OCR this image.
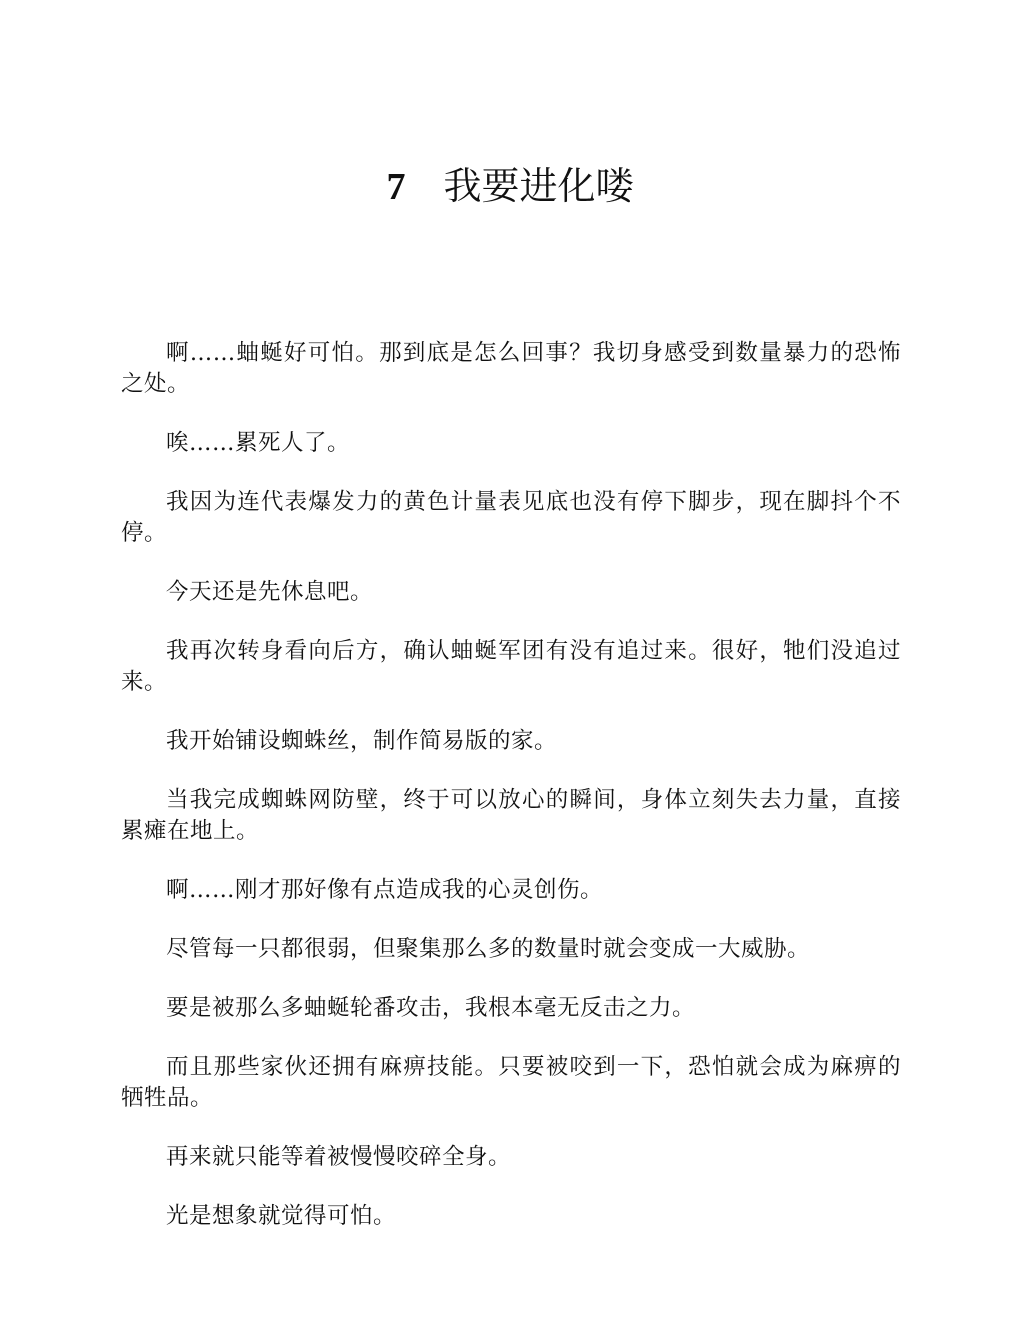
7 我要进化喽

啊……蚰蜒好可怕。那到底是怎么回事？我切身感受到数量暴力的恐怖之处。

唉……累死人了。

我因为连代表爆发力的黄色计量表见底也没有停下脚步，现在脚抖个不停。

今天还是先休息吧。

我再次转身看向后方，确认蚰蜒军团有没有追过来。很好，牠们没追过来。

我开始铺设蜘蛛丝，制作简易版的家。

当我完成蜘蛛网防壁，终于可以放心的瞬间，身体立刻失去力量，直接累瘫在地上。

啊……刚才那好像有点造成我的心灵创伤。

尽管每一只都很弱，但聚集那么多的数量时就会变成一大威胁。

要是被那么多蚰蜒轮番攻击，我根本毫无反击之力。

而且那些家伙还拥有麻痹技能。只要被咬到一下，恐怕就会成为麻痹的牺牲品。

再来就只能等着被慢慢咬碎全身。

光是想象就觉得可怕。
